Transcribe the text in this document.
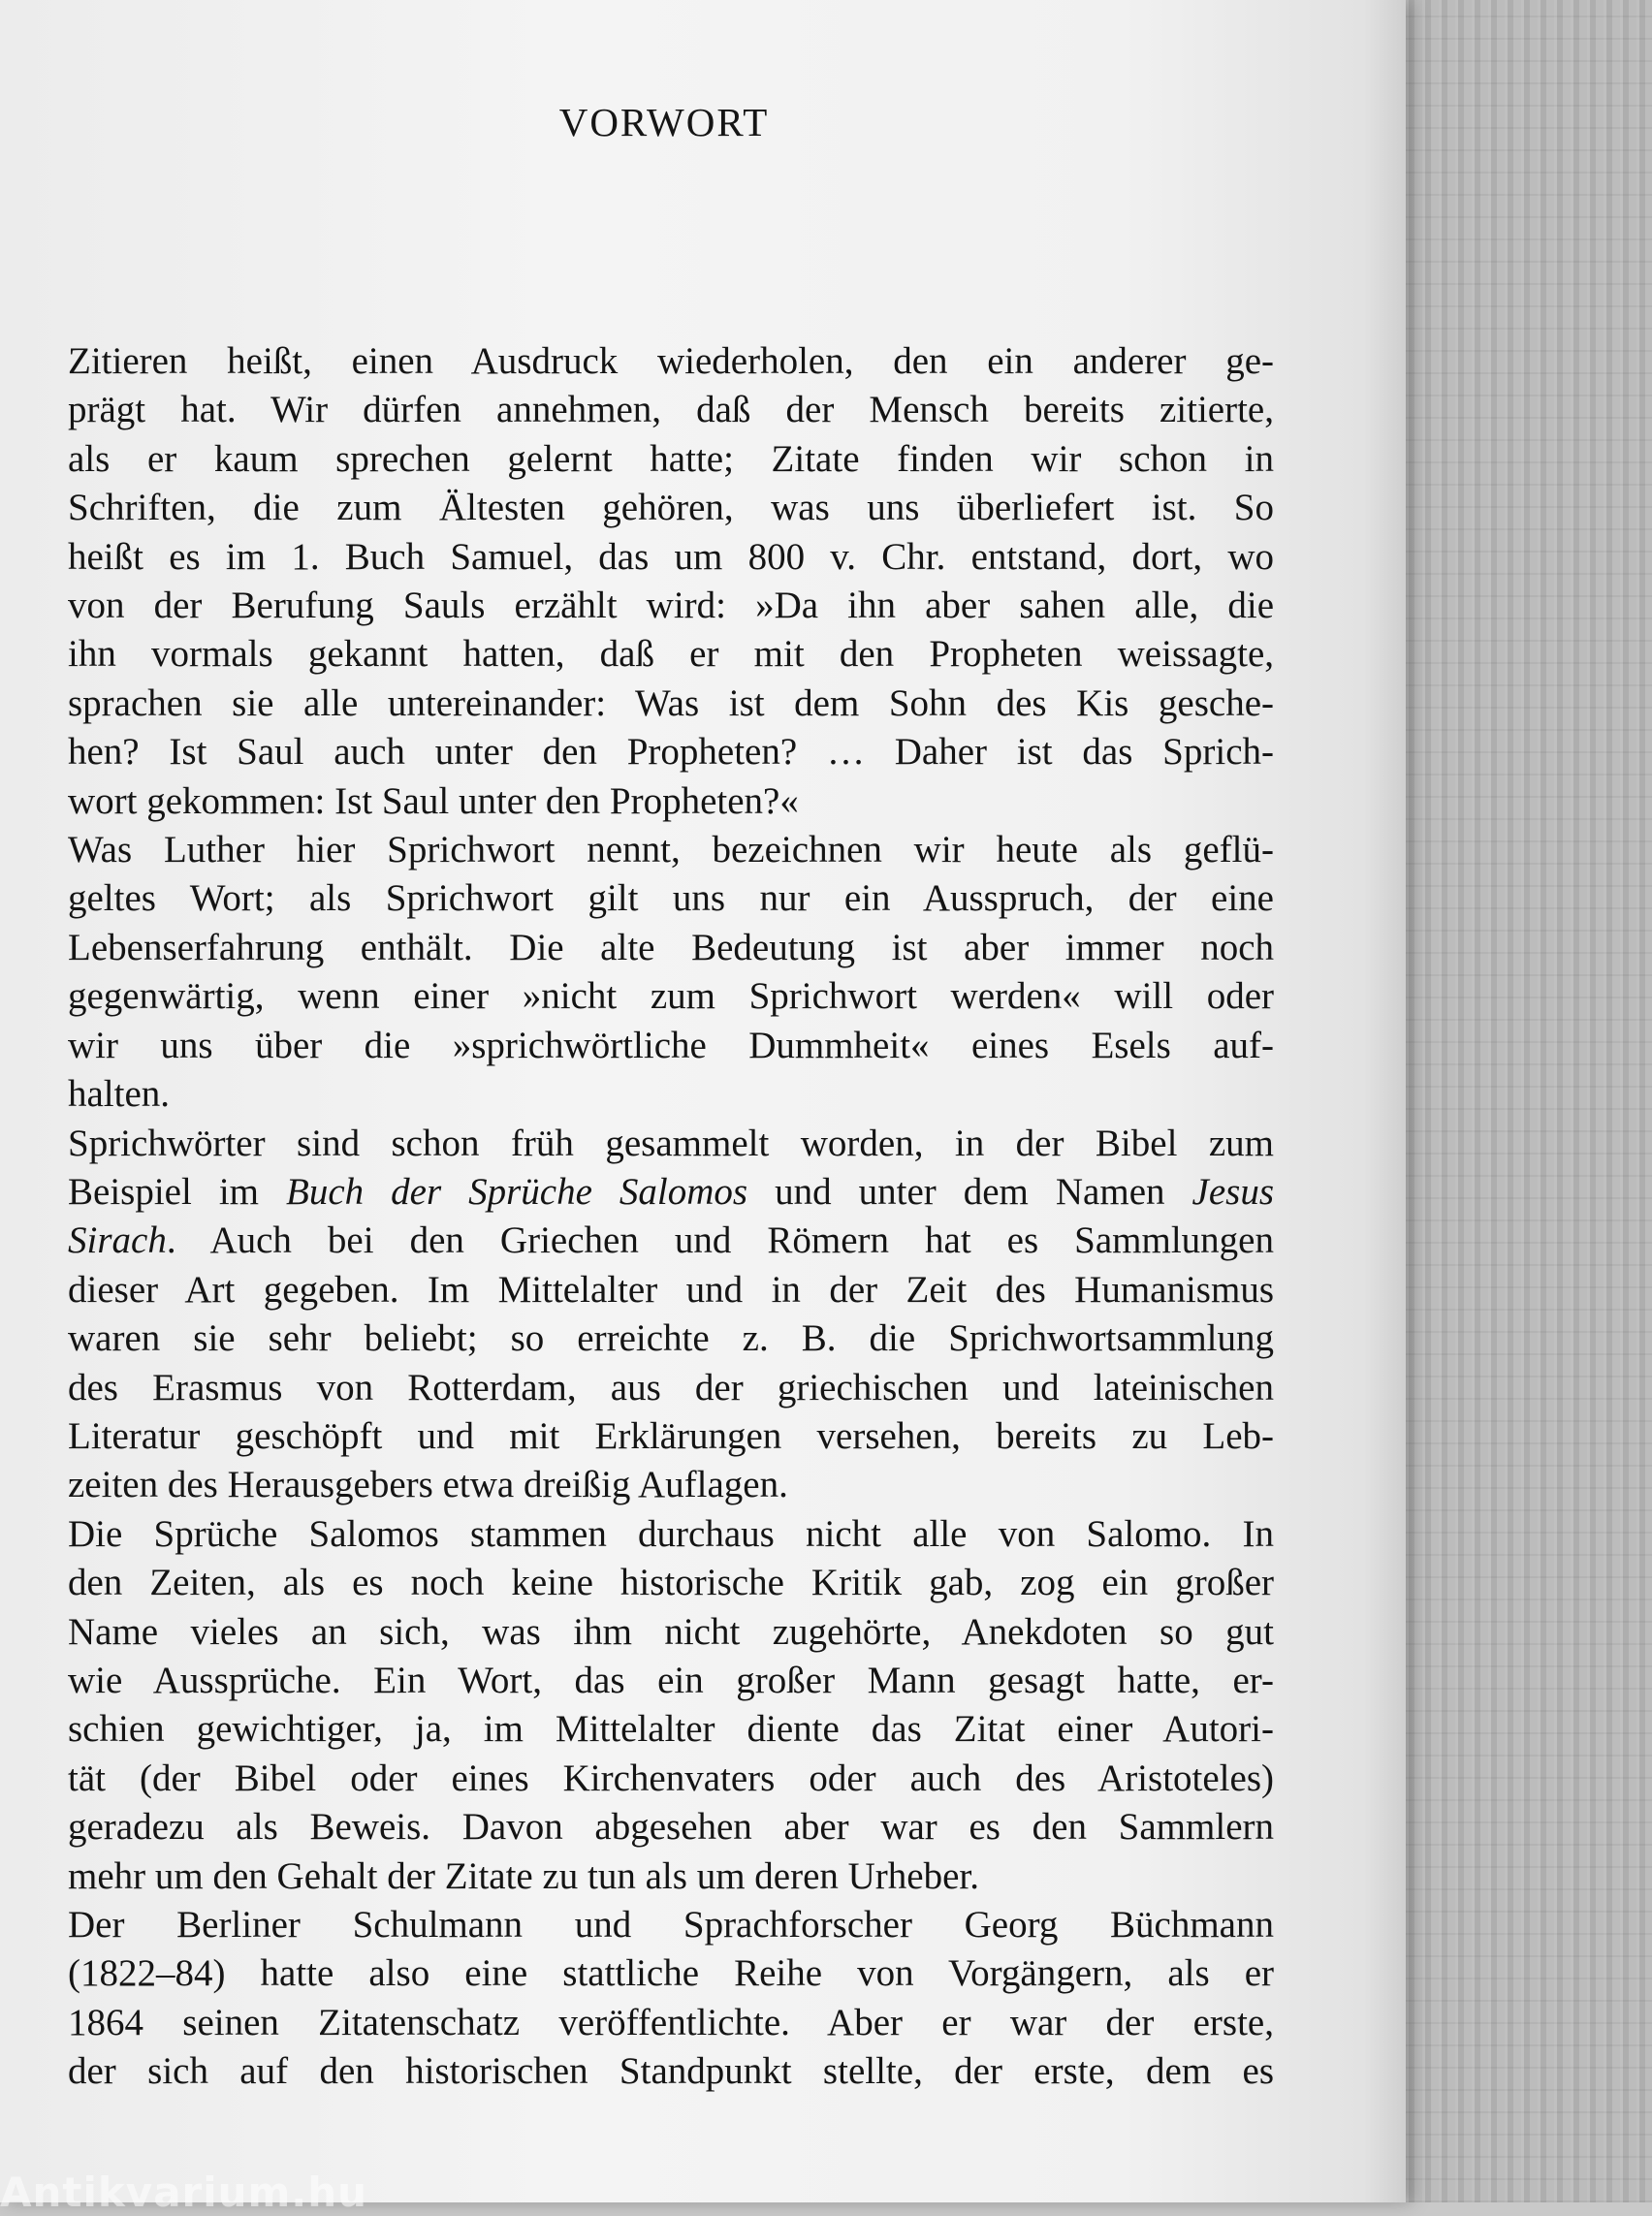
VORWORT
Zitieren heißt, einen Ausdruck wiederholen, den ein anderer ge-
prägt hat. Wir dürfen annehmen, daß der Mensch bereits zitierte,
als er kaum sprechen gelernt hatte; Zitate finden wir schon in
Schriften, die zum Ältesten gehören, was uns überliefert ist. So
heißt es im 1. Buch Samuel, das um 800 v. Chr. entstand, dort, wo
von der Berufung Sauls erzählt wird: »Da ihn aber sahen alle, die
ihn vormals gekannt hatten, daß er mit den Propheten weissagte,
sprachen sie alle untereinander: Was ist dem Sohn des Kis gesche-
hen? Ist Saul auch unter den Propheten? … Daher ist das Sprich-
wort gekommen: Ist Saul unter den Propheten?«
Was Luther hier Sprichwort nennt, bezeichnen wir heute als geflü-
geltes Wort; als Sprichwort gilt uns nur ein Ausspruch, der eine
Lebenserfahrung enthält. Die alte Bedeutung ist aber immer noch
gegenwärtig, wenn einer »nicht zum Sprichwort werden« will oder
wir uns über die »sprichwörtliche Dummheit« eines Esels auf-
halten.
Sprichwörter sind schon früh gesammelt worden, in der Bibel zum
Beispiel im Buch der Sprüche Salomos und unter dem Namen Jesus
Sirach. Auch bei den Griechen und Römern hat es Sammlungen
dieser Art gegeben. Im Mittelalter und in der Zeit des Humanismus
waren sie sehr beliebt; so erreichte z. B. die Sprichwortsammlung
des Erasmus von Rotterdam, aus der griechischen und lateinischen
Literatur geschöpft und mit Erklärungen versehen, bereits zu Leb-
zeiten des Herausgebers etwa dreißig Auflagen.
Die Sprüche Salomos stammen durchaus nicht alle von Salomo. In
den Zeiten, als es noch keine historische Kritik gab, zog ein großer
Name vieles an sich, was ihm nicht zugehörte, Anekdoten so gut
wie Aussprüche. Ein Wort, das ein großer Mann gesagt hatte, er-
schien gewichtiger, ja, im Mittelalter diente das Zitat einer Autori-
tät (der Bibel oder eines Kirchenvaters oder auch des Aristoteles)
geradezu als Beweis. Davon abgesehen aber war es den Sammlern
mehr um den Gehalt der Zitate zu tun als um deren Urheber.
Der Berliner Schulmann und Sprachforscher Georg Büchmann
(1822–84) hatte also eine stattliche Reihe von Vorgängern, als er
1864 seinen Zitatenschatz veröffentlichte. Aber er war der erste,
der sich auf den historischen Standpunkt stellte, der erste, dem es
Antikvarium.hu
